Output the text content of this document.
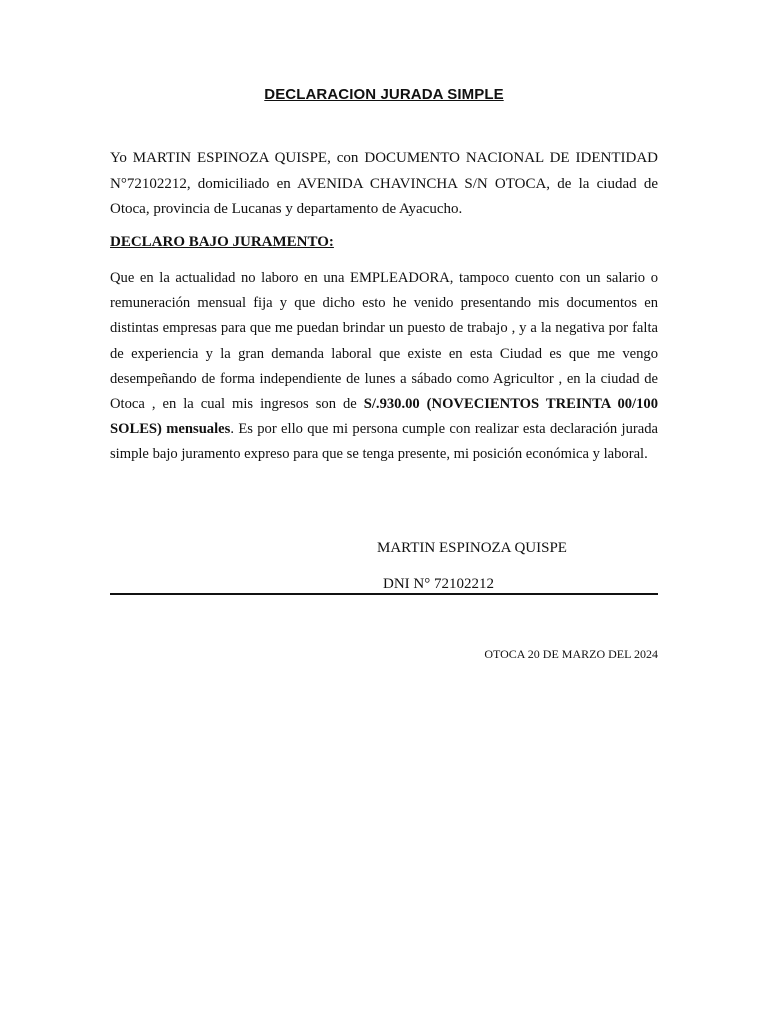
DECLARACION JURADA SIMPLE

Yo MARTIN ESPINOZA QUISPE, con DOCUMENTO NACIONAL DE IDENTIDAD N°72102212, domiciliado en AVENIDA CHAVINCHA S/N OTOCA, de la ciudad de Otoca, provincia de Lucanas y departamento de Ayacucho.

DECLARO BAJO JURAMENTO:

Que en la actualidad no laboro en una EMPLEADORA, tampoco cuento con un salario o remuneración mensual fija y que dicho esto he venido presentando mis documentos en distintas empresas para que me puedan brindar un puesto de trabajo , y a la negativa por falta de experiencia y la gran demanda laboral que existe en esta Ciudad es que me vengo desempeñando de forma independiente de lunes a sábado como Agricultor , en la ciudad de Otoca , en la cual mis ingresos son de S/.930.00 (NOVECIENTOS TREINTA 00/100 SOLES) mensuales. Es por ello que mi persona cumple con realizar esta declaración jurada simple bajo juramento expreso para que se tenga presente, mi posición económica y laboral.

MARTIN ESPINOZA QUISPE
DNI N° 72102212
OTOCA 20 DE MARZO DEL 2024
